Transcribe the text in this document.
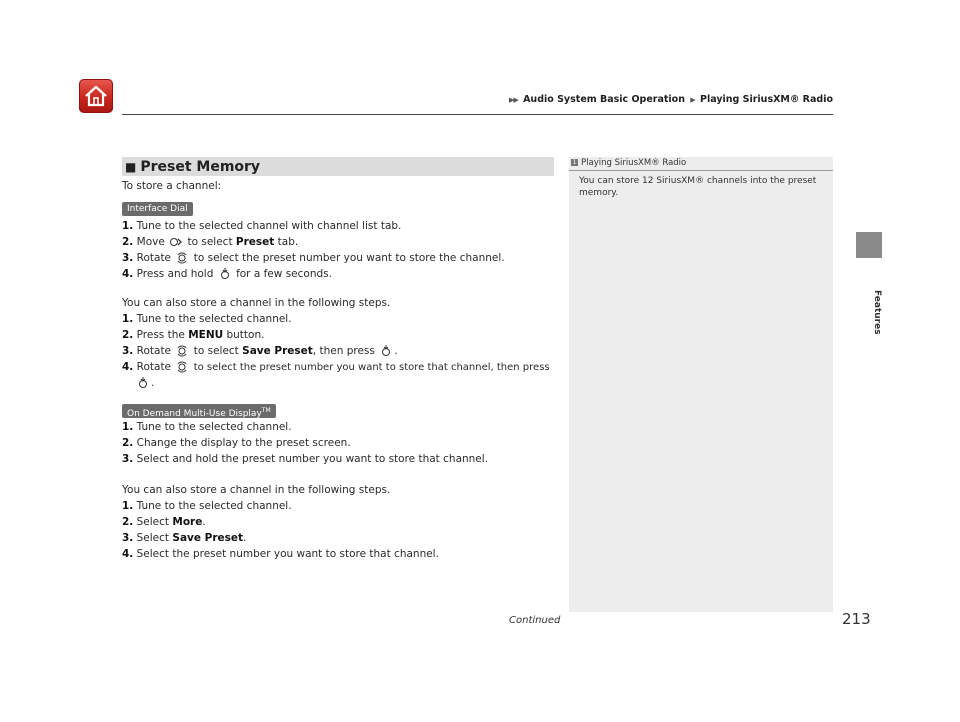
▶▶ Audio System Basic Operation ▶ Playing SiriusXM® Radio
Features
■ Preset Memory
To store a channel:
Interface Dial
1. Tune to the selected channel with channel list tab.
2. Move to select Preset tab.
3. Rotate to select the preset number you want to store the channel.
4. Press and hold for a few seconds.
You can also store a channel in the following steps.
1. Tune to the selected channel.
2. Press the MENU button.
3. Rotate to select Save Preset, then press .
4. Rotate to select the preset number you want to store that channel, then press
.
On Demand Multi-Use Display™
1. Tune to the selected channel.
2. Change the display to the preset screen.
3. Select and hold the preset number you want to store that channel.
You can also store a channel in the following steps.
1. Tune to the selected channel.
2. Select More.
3. Select Save Preset.
4. Select the preset number you want to store that channel.
1 Playing SiriusXM® Radio
You can store 12 SiriusXM® channels into the preset memory.
Continued	213
